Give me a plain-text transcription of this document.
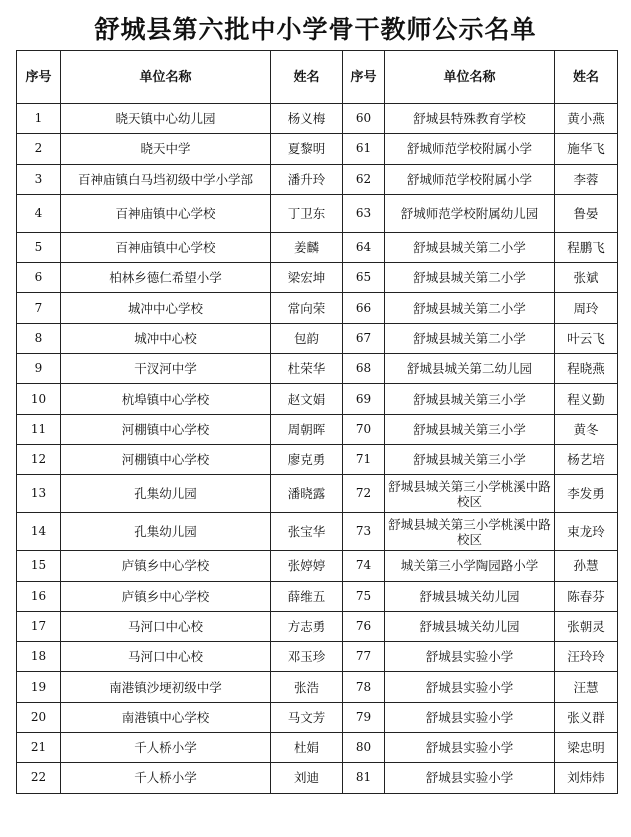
舒城县第六批中小学骨干教师公示名单
序号	单位名称	姓名	序号	单位名称	姓名
1	晓天镇中心幼儿园	杨义梅	60	舒城县特殊教育学校	黄小燕
2	晓天中学	夏黎明	61	舒城师范学校附属小学	施华飞
3	百神庙镇白马垱初级中学小学部	潘升玲	62	舒城师范学校附属小学	李蓉
4	百神庙镇中心学校	丁卫东	63	舒城师范学校附属幼儿园	鲁晏
5	百神庙镇中心学校	姜麟	64	舒城县城关第二小学	程鹏飞
6	柏林乡德仁希望小学	梁宏坤	65	舒城县城关第二小学	张斌
7	城冲中心学校	常向荣	66	舒城县城关第二小学	周玲
8	城冲中心校	包韵	67	舒城县城关第二小学	叶云飞
9	干汊河中学	杜荣华	68	舒城县城关第二幼儿园	程晓燕
10	杭埠镇中心学校	赵文娟	69	舒城县城关第三小学	程义勤
11	河棚镇中心学校	周朝晖	70	舒城县城关第三小学	黄冬
12	河棚镇中心学校	廖克勇	71	舒城县城关第三小学	杨艺培
13	孔集幼儿园	潘晓露	72	舒城县城关第三小学桃溪中路校区	李发勇
14	孔集幼儿园	张宝华	73	舒城县城关第三小学桃溪中路校区	束龙玲
15	庐镇乡中心学校	张婷婷	74	城关第三小学陶园路小学	孙慧
16	庐镇乡中心学校	薛维五	75	舒城县城关幼儿园	陈春芬
17	马河口中心校	方志勇	76	舒城县城关幼儿园	张朝灵
18	马河口中心校	邓玉珍	77	舒城县实验小学	汪玲玲
19	南港镇沙埂初级中学	张浩	78	舒城县实验小学	汪慧
20	南港镇中心学校	马文芳	79	舒城县实验小学	张义群
21	千人桥小学	杜娟	80	舒城县实验小学	梁忠明
22	千人桥小学	刘迪	81	舒城县实验小学	刘炜炜
